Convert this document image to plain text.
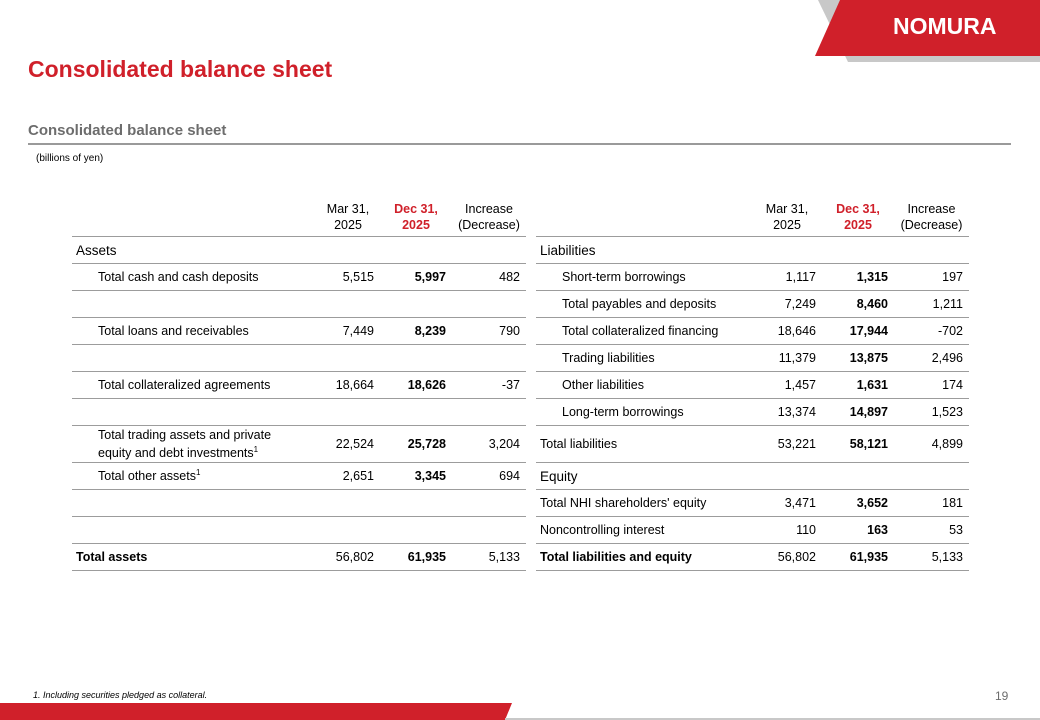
NOMURA
Consolidated balance sheet
Consolidated balance sheet
(billions of yen)
	Mar 31,
2025	Dec 31,
2025	Increase
(Decrease)
Assets			
Total cash and cash deposits	5,515	5,997	482

Total loans and receivables	7,449	8,239	790

Total collateralized agreements	18,664	18,626	-37

Total trading assets and private
equity and debt investments$^1$	22,524	25,728	3,204
Total other assets$^1$	2,651	3,345	694

Total assets	56,802	61,935	5,133
	Mar 31,
2025	Dec 31,
2025	Increase
(Decrease)
Liabilities			
Short-term borrowings	1,117	1,315	197
Total payables and deposits	7,249	8,460	1,211
Total collateralized financing	18,646	17,944	-702
Trading liabilities	11,379	13,875	2,496
Other liabilities	1,457	1,631	174
Long-term borrowings	13,374	14,897	1,523
Total liabilities	53,221	58,121	4,899
Equity			
Total NHI shareholders' equity	3,471	3,652	181
Noncontrolling interest	110	163	53
Total liabilities and equity	56,802	61,935	5,133
1. Including securities pledged as collateral.	19
